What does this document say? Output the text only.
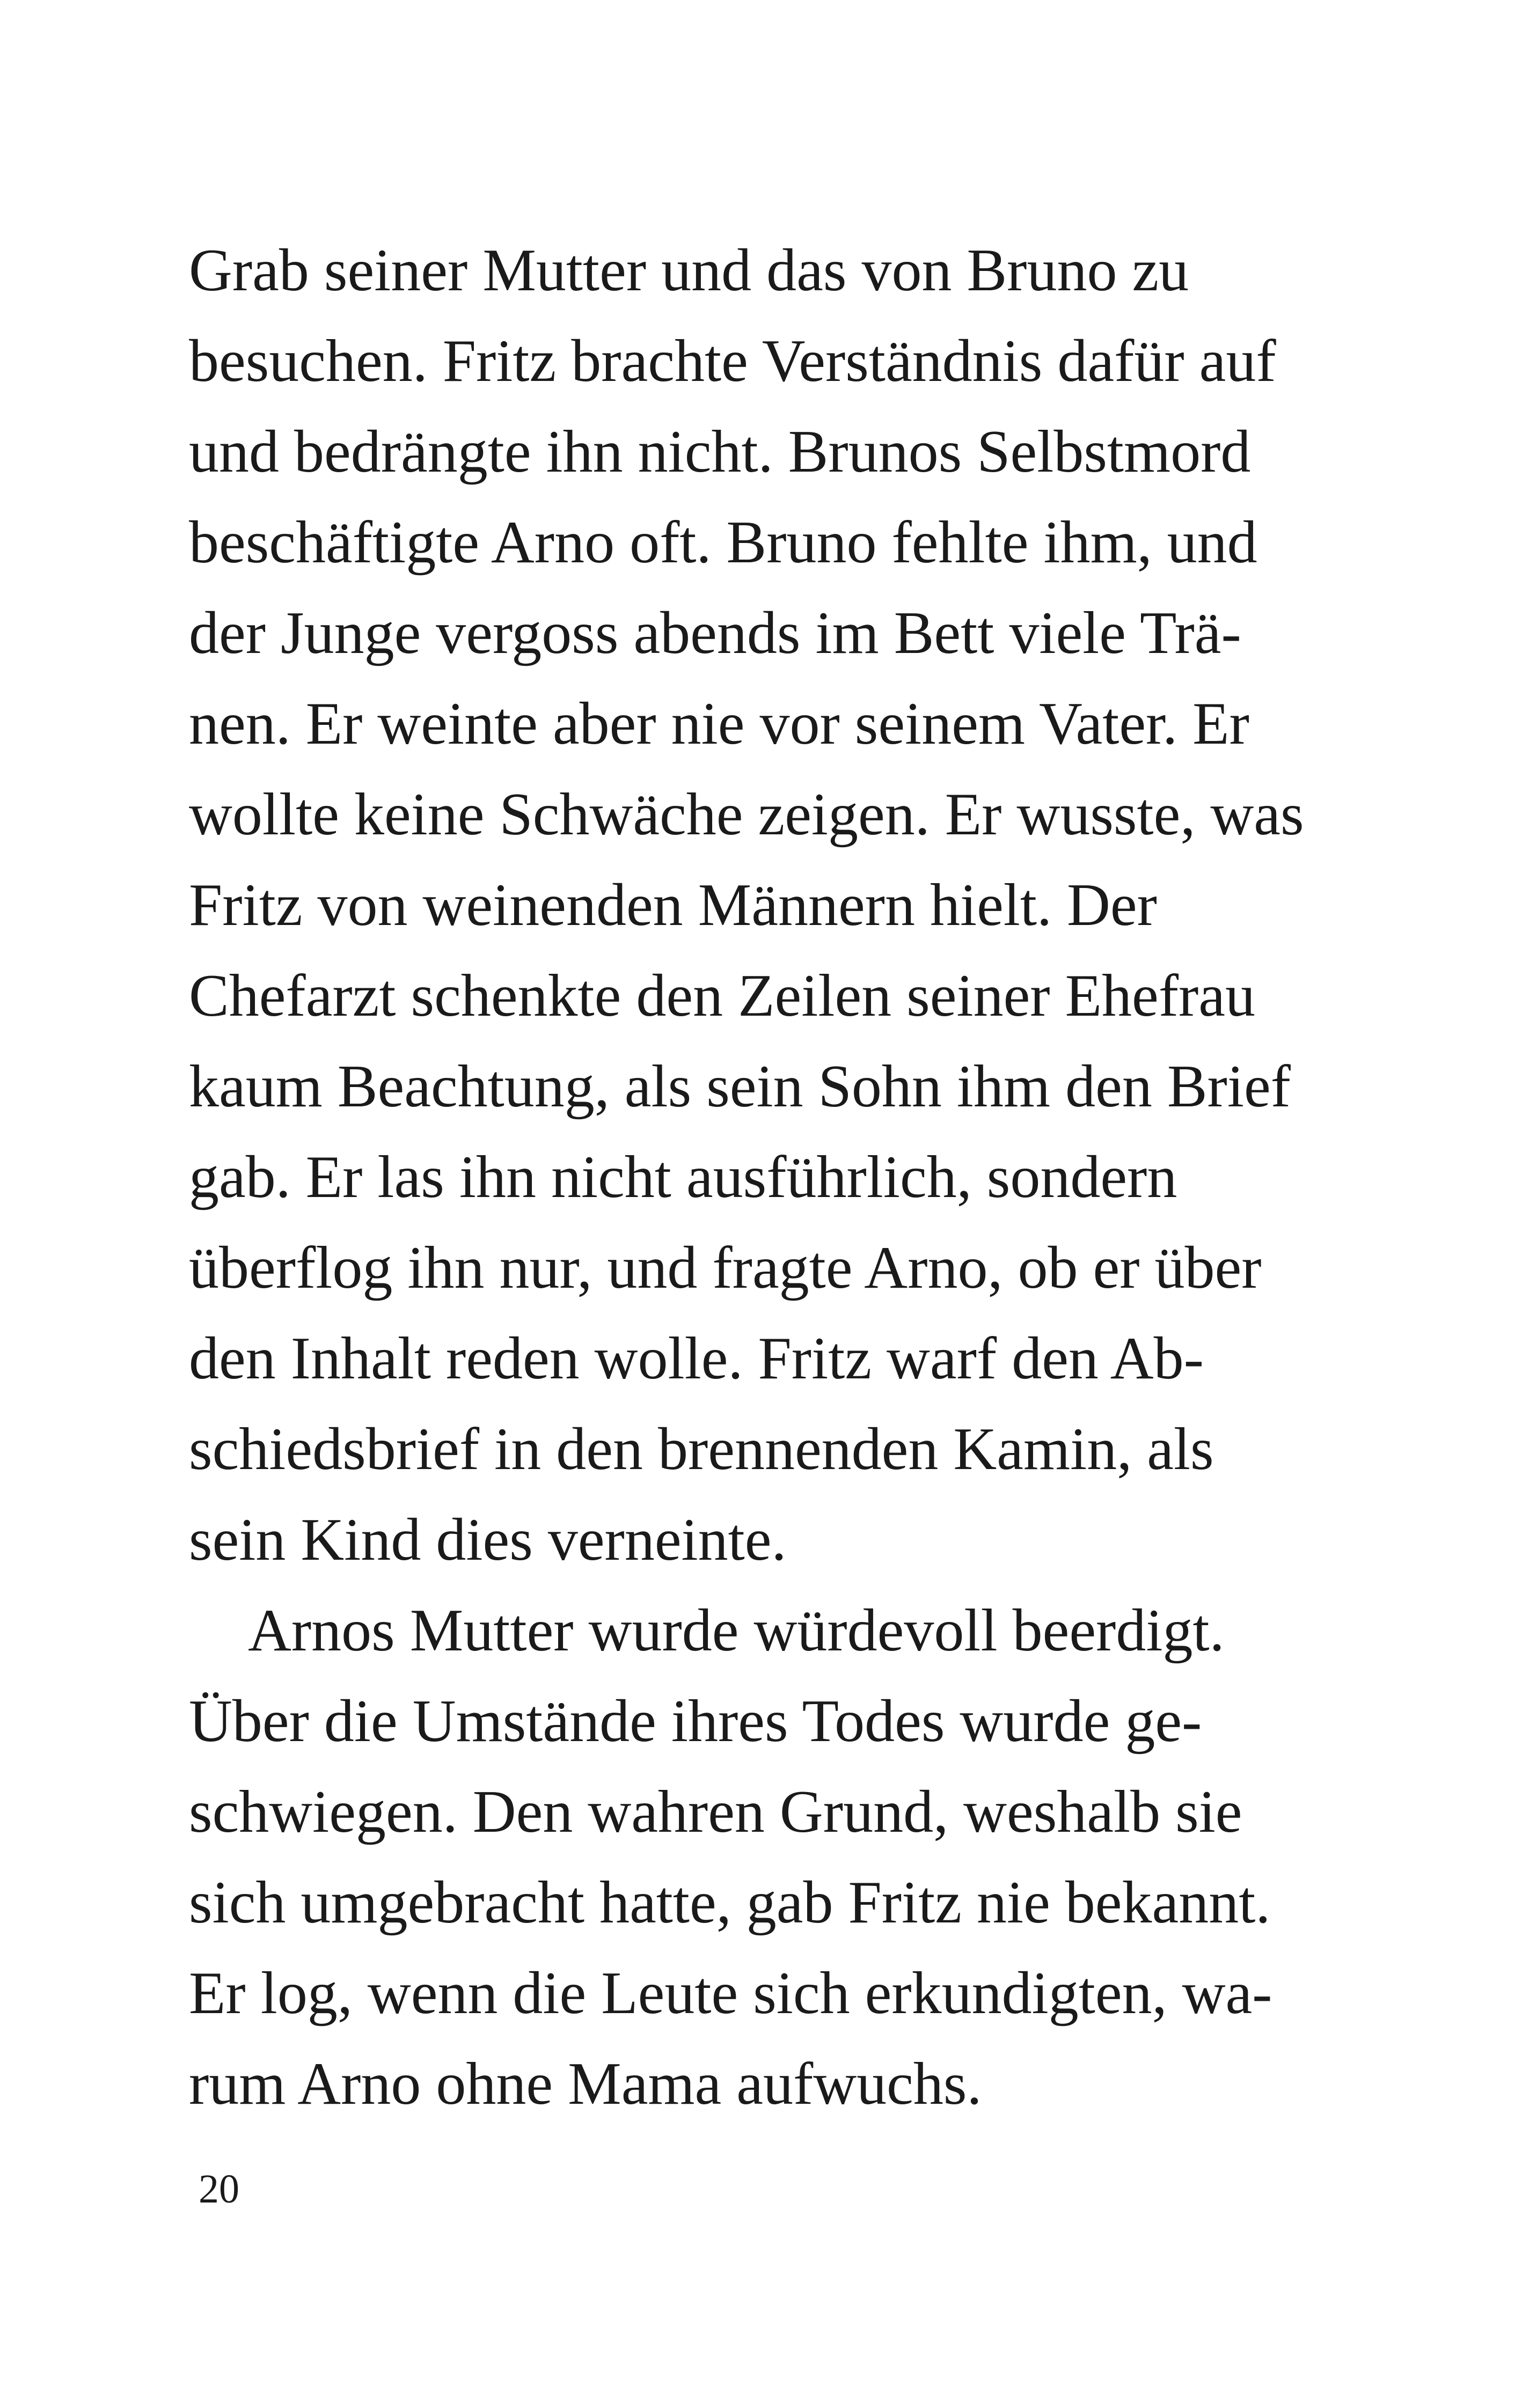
Grab seiner Mutter und das von Bruno zu
besuchen. Fritz brachte Verständnis dafür auf
und bedrängte ihn nicht. Brunos Selbstmord
beschäftigte Arno oft. Bruno fehlte ihm, und
der Junge vergoss abends im Bett viele Trä-
nen. Er weinte aber nie vor seinem Vater. Er
wollte keine Schwäche zeigen. Er wusste, was
Fritz von weinenden Männern hielt. Der
Chefarzt schenkte den Zeilen seiner Ehefrau
kaum Beachtung, als sein Sohn ihm den Brief
gab. Er las ihn nicht ausführlich, sondern
überflog ihn nur, und fragte Arno, ob er über
den Inhalt reden wolle. Fritz warf den Ab-
schiedsbrief in den brennenden Kamin, als
sein Kind dies verneinte.
Arnos Mutter wurde würdevoll beerdigt.
Über die Umstände ihres Todes wurde ge-
schwiegen. Den wahren Grund, weshalb sie
sich umgebracht hatte, gab Fritz nie bekannt.
Er log, wenn die Leute sich erkundigten, wa-
rum Arno ohne Mama aufwuchs.
20
